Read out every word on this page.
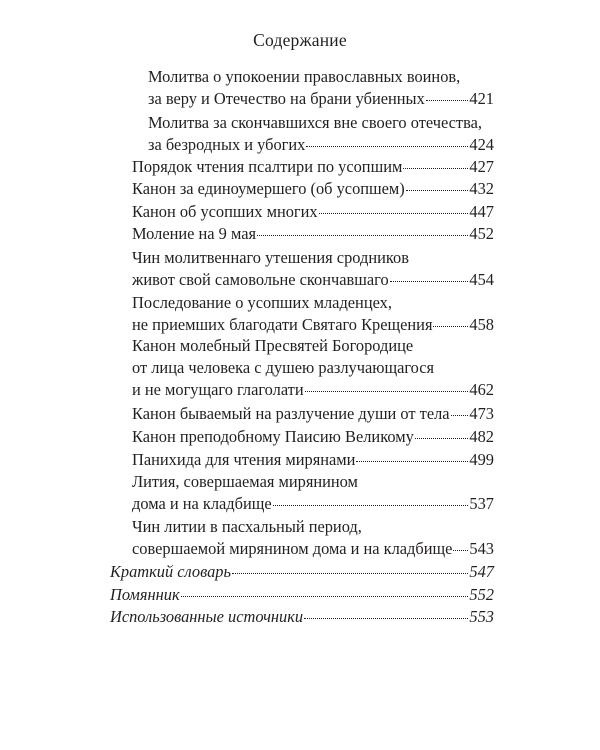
Содержание
Молитва о упокоении православных воинов,
за веру и Отечество на брани убиенных	421
Молитва за скончавшихся вне своего отечества,
за безродных и убогих	424
Порядок чтения псалтири по усопшим	427
Канон за единоумершего (об усопшем)	432
Канон об усопших многих	447
Моление на 9 мая	452
Чин молитвеннаго утешения сродников
живот свой самовольне скончавшаго	454
Последование о усопших младенцех,
не приемших благодати Святаго Крещения 458
Канон молебный Пресвятей Богородице
от лица человека с душею разлучающагося
и не могущаго глаголати	462
Канон бываемый на разлучение души от тела 473
Канон преподобному Паисию Великому	482
Панихида для чтения мирянами	499
Лития, совершаемая мирянином
дома и на кладбище	537
Чин литии в пасхальный период,
совершаемой мирянином дома и на кладбище 543
Краткий словарь	547
Помянник	552
Использованные источники	553
